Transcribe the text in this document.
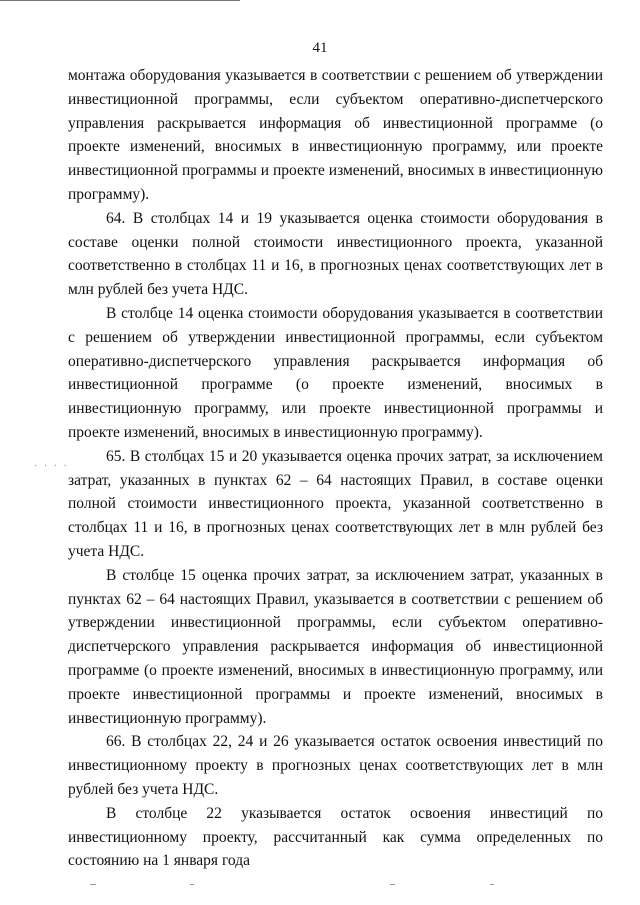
41

монтажа оборудования указывается в соответствии с решением об утверждении инвестиционной программы, если субъектом оперативно-диспетчерского управления раскрывается информация об инвестиционной программе (о проекте изменений, вносимых в инвестиционную программу, или проекте инвестиционной программы и проекте изменений, вносимых в инвестиционную программу).

64. В столбцах 14 и 19 указывается оценка стоимости оборудования в составе оценки полной стоимости инвестиционного проекта, указанной соответственно в столбцах 11 и 16, в прогнозных ценах соответствующих лет в млн рублей без учета НДС.

В столбце 14 оценка стоимости оборудования указывается в соответствии с решением об утверждении инвестиционной программы, если субъектом оперативно-диспетчерского управления раскрывается информация об инвестиционной программе (о проекте изменений, вносимых в инвестиционную программу, или проекте инвестиционной программы и проекте изменений, вносимых в инвестиционную программу).

65. В столбцах 15 и 20 указывается оценка прочих затрат, за исключением затрат, указанных в пунктах 62 – 64 настоящих Правил, в составе оценки полной стоимости инвестиционного проекта, указанной соответственно в столбцах 11 и 16, в прогнозных ценах соответствующих лет в млн рублей без учета НДС.

В столбце 15 оценка прочих затрат, за исключением затрат, указанных в пунктах 62 – 64 настоящих Правил, указывается в соответствии с решением об утверждении инвестиционной программы, если субъектом оперативно-диспетчерского управления раскрывается информация об инвестиционной программе (о проекте изменений, вносимых в инвестиционную программу, или проекте инвестиционной программы и проекте изменений, вносимых в инвестиционную программу).

66. В столбцах 22, 24 и 26 указывается остаток освоения инвестиций по инвестиционному проекту в прогнозных ценах соответствующих лет в млн рублей без учета НДС.

В столбце 22 указывается остаток освоения инвестиций по инвестиционному проекту, рассчитанный как сумма определенных по состоянию на 1 января года

· · · ·
